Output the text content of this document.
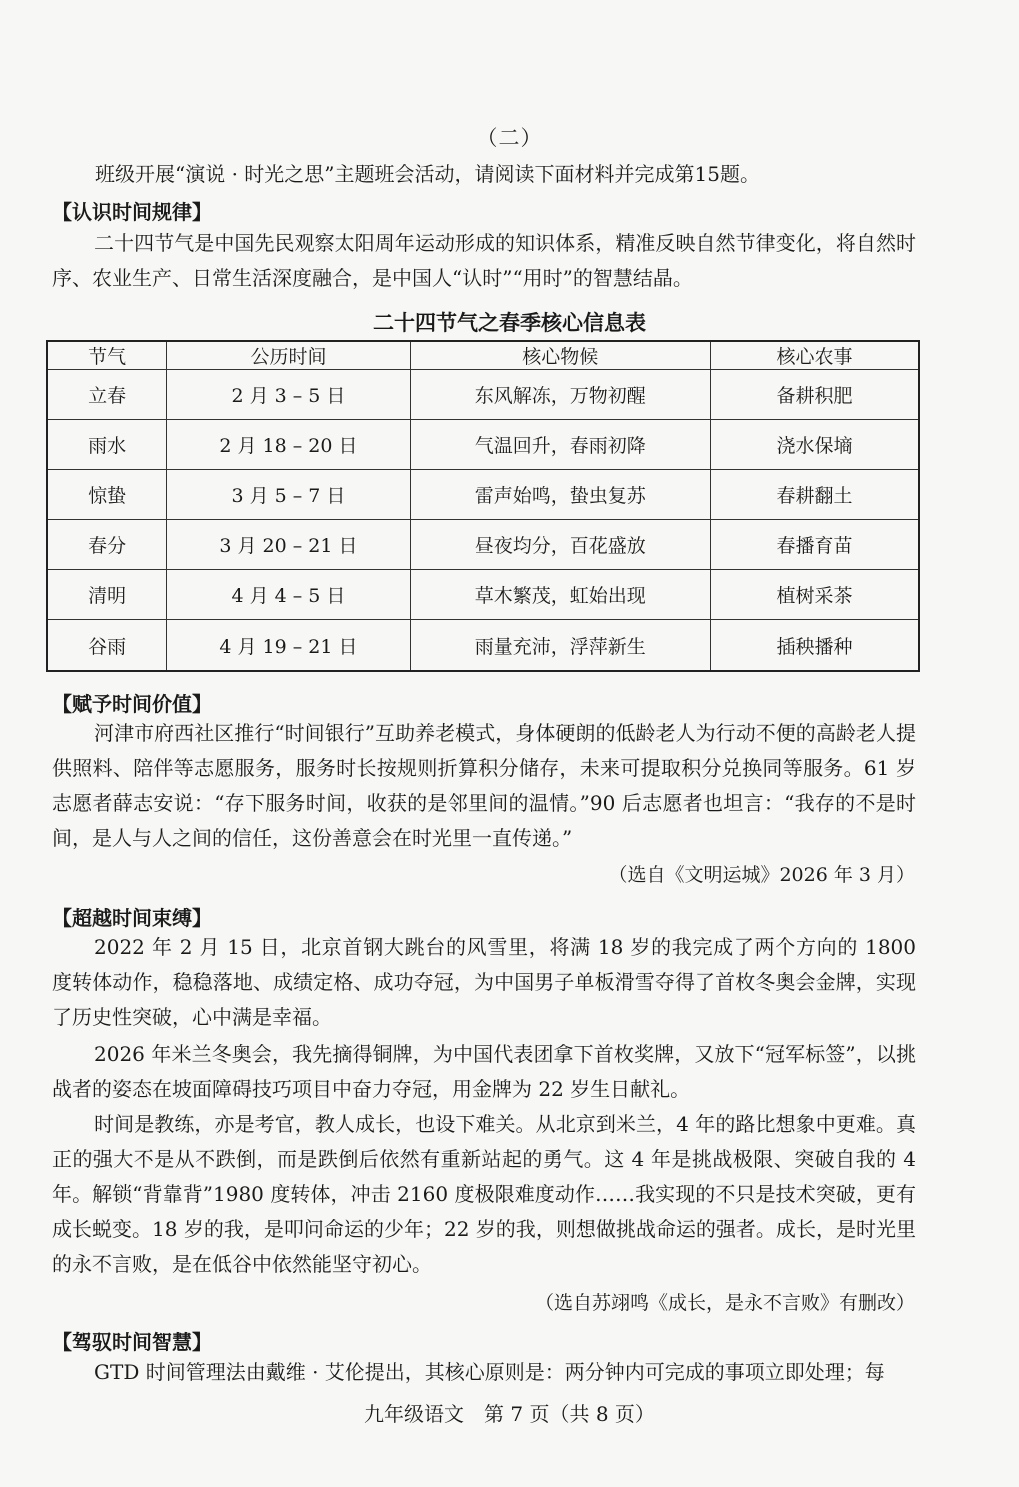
（二）
班级开展“演说 · 时光之思”主题班会活动，请阅读下面材料并完成第15题。
【认识时间规律】

二十四节气是中国先民观察太阳周年运动形成的知识体系，精准反映自然节律变化，将自然时序、农业生产、日常生活深度融合，是中国人“认时”“用时”的智慧结晶。

二十四节气之春季核心信息表
节气	公历时间	核心物候	核心农事
立春	2 月 3 – 5 日	东风解冻，万物初醒	备耕积肥
雨水	2 月 18 – 20 日	气温回升，春雨初降	浇水保墒
惊蛰	3 月 5 – 7 日	雷声始鸣，蛰虫复苏	春耕翻土
春分	3 月 20 – 21 日	昼夜均分，百花盛放	春播育苗
清明	4 月 4 – 5 日	草木繁茂，虹始出现	植树采茶
谷雨	4 月 19 – 21 日	雨量充沛，浮萍新生	插秧播种
【赋予时间价值】

河津市府西社区推行“时间银行”互助养老模式，身体硬朗的低龄老人为行动不便的高龄老人提供照料、陪伴等志愿服务，服务时长按规则折算积分储存，未来可提取积分兑换同等服务。61 岁志愿者薛志安说：“存下服务时间，收获的是邻里间的温情。”90 后志愿者也坦言：“我存的不是时间，是人与人之间的信任，这份善意会在时光里一直传递。”

（选自《文明运城》2026 年 3 月）
【超越时间束缚】

2022 年 2 月 15 日，北京首钢大跳台的风雪里，将满 18 岁的我完成了两个方向的 1800 度转体动作，稳稳落地、成绩定格、成功夺冠，为中国男子单板滑雪夺得了首枚冬奥会金牌，实现了历史性突破，心中满是幸福。

2026 年米兰冬奥会，我先摘得铜牌，为中国代表团拿下首枚奖牌，又放下“冠军标签”，以挑战者的姿态在坡面障碍技巧项目中奋力夺冠，用金牌为 22 岁生日献礼。

时间是教练，亦是考官，教人成长，也设下难关。从北京到米兰，4 年的路比想象中更难。真正的强大不是从不跌倒，而是跌倒后依然有重新站起的勇气。这 4 年是挑战极限、突破自我的 4 年。解锁“背靠背”1980 度转体，冲击 2160 度极限难度动作……我实现的不只是技术突破，更有成长蜕变。18 岁的我，是叩问命运的少年；22 岁的我，则想做挑战命运的强者。成长，是时光里的永不言败，是在低谷中依然能坚守初心。

（选自苏翊鸣《成长，是永不言败》有删改）
【驾驭时间智慧】

GTD 时间管理法由戴维 · 艾伦提出，其核心原则是：两分钟内可完成的事项立即处理；每

九年级语文　第 7 页（共 8 页）
